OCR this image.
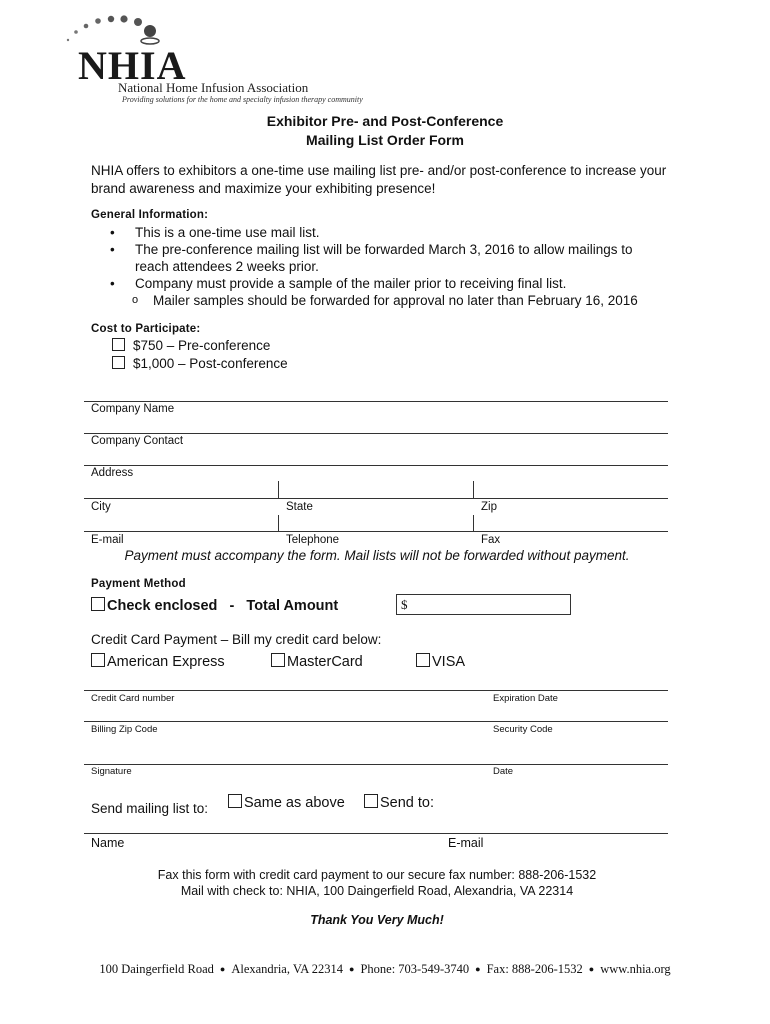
NHIA
National Home Infusion Association
Providing solutions for the home and specialty infusion therapy community
Exhibitor Pre- and Post-Conference
Mailing List Order Form
NHIA offers to exhibitors a one-time use mailing list pre- and/or post-conference to increase your brand awareness and maximize your exhibiting presence!
General Information:
• This is a one-time use mail list.
• The pre-conference mailing list will be forwarded March 3, 2016 to allow mailings to reach attendees 2 weeks prior.
• Company must provide a sample of the mailer prior to receiving final list.
o Mailer samples should be forwarded for approval no later than February 16, 2016
Cost to Participate:
$750 – Pre-conference
$1,000 – Post-conference
Company Name
Company Contact
Address
City	State	Zip
E-mail	Telephone	Fax
Payment must accompany the form. Mail lists will not be forwarded without payment.
Payment Method
Check enclosed   -   Total Amount	$
Credit Card Payment – Bill my credit card below:
American Express	MasterCard	VISA
Credit Card number	Expiration Date
Billing Zip Code	Security Code
Signature	Date
Send mailing list to:	Same as above	Send to:
Name	E-mail
Fax this form with credit card payment to our secure fax number: 888-206-1532
Mail with check to: NHIA, 100 Daingerfield Road, Alexandria, VA 22314
Thank You Very Much!
100 Daingerfield Road ● Alexandria, VA 22314 ● Phone: 703-549-3740 ● Fax: 888-206-1532 ● www.nhia.org
